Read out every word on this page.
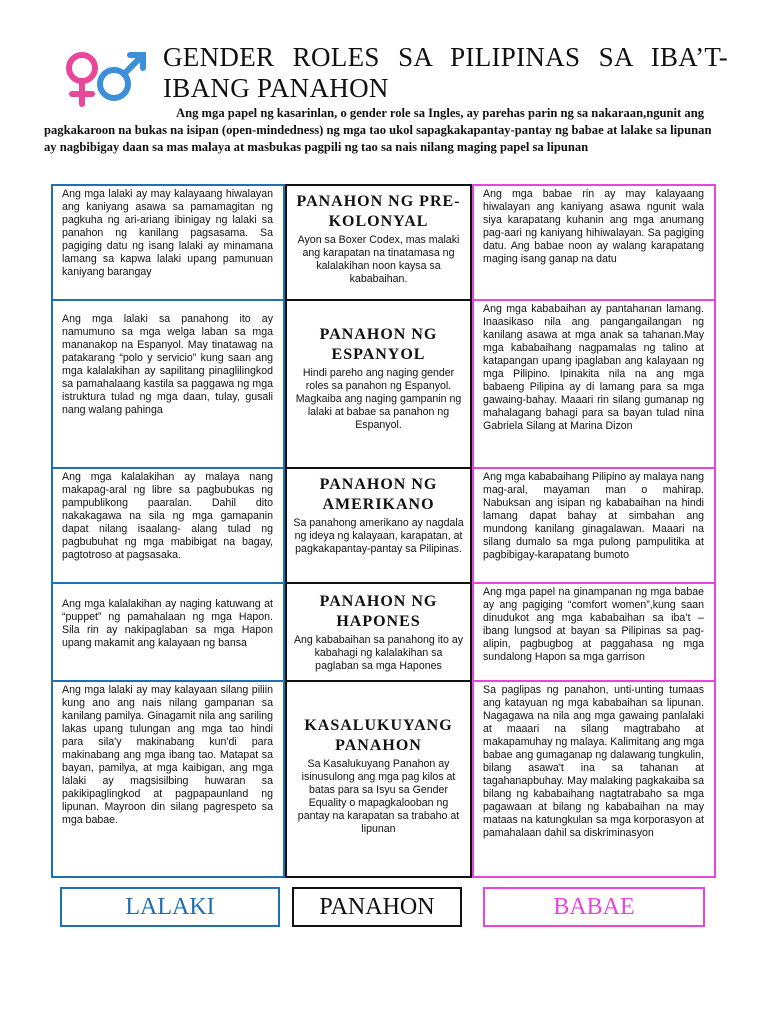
GENDER ROLES SA PILIPINAS SA IBA’T-IBANG PANAHON
Ang mga papel ng kasarinlan, o gender role sa Ingles, ay parehas parin ng sa nakaraan,ngunit ang pagkakaroon na bukas na isipan (open-mindedness) ng mga tao ukol sapagkakapantay-pantay ng babae at lalake sa lipunan ay nagbibigay daan sa mas malaya at masbukas pagpili ng tao sa nais nilang maging papel sa lipunan
Ang mga lalaki ay may kalayaang hiwalayan ang kaniyang asawa sa pamamagitan ng pagkuha ng ari-ariang ibinigay ng lalaki sa panahon ng kanilang pagsasama. Sa pagiging datu ng isang lalaki ay minamana lamang sa kapwa lalaki upang pamunuan kaniyang barangay
PANAHON NG PRE-KOLONYAL
Ayon sa Boxer Codex, mas malaki ang karapatan na tinatamasa ng kalalakihan noon kaysa sa kababaihan.
Ang mga babae rin ay may kalayaang hiwalayan ang kaniyang asawa ngunit wala siya karapatang kuhanin ang mga anumang pag-aari ng kaniyang hihiwalayan. Sa pagiging datu. Ang babae noon ay walang karapatang maging isang ganap na datu
Ang mga lalaki sa panahong ito ay namumuno sa mga welga laban sa mga mananakop na Espanyol. May tinatawag na patakarang “polo y servicio” kung saan ang mga kalalakihan ay sapilitang pinaglilingkod sa pamahalaang kastila sa paggawa ng mga istruktura tulad ng mga daan, tulay, gusali nang walang pahinga
PANAHON NG ESPANYOL
Hindi pareho ang naging gender roles sa panahon ng Espanyol. Magkaiba ang naging gampanin ng lalaki at babae sa panahon ng Espanyol.
Ang mga kababaihan ay pantahanan lamang. Inaasikaso nila ang pangangailangan ng kanilang asawa at mga anak sa tahanan.May mga kababaihang nagpamalas ng talino at katapangan upang ipaglaban ang kalayaan ng mga Pilipino. Ipinakita nila na ang mga babaeng Pilipina ay di lamang para sa mga gawaing-bahay. Maaari rin silang gumanap ng mahalagang bahagi para sa bayan tulad nina Gabriela Silang at Marina Dizon
Ang mga kalalakihan ay malaya nang makapag-aral ng libre sa pagbubukas ng pampublikong paaralan. Dahil dito nakakagawa na sila ng mga gamapanin dapat nilang isaalang- alang tulad ng pagbubuhat ng mga mabibigat na bagay, pagtotroso at pagsasaka.
PANAHON NG AMERIKANO
Sa panahong amerikano ay nagdala ng ideya ng kalayaan, karapatan, at pagkakapantay-pantay sa Pilipinas.
Ang mga kababaihang Pilipino ay malaya nang mag-aral, mayaman man o mahirap. Nabuksan ang isipan ng kababaihan na hindi lamang dapat bahay at simbahan ang mundong kanilang ginagalawan. Maaari na silang dumalo sa mga pulong pampulitika at pagbibigay-karapatang bumoto
Ang mga kalalakihan ay naging katuwang at “puppet” ng pamahalaan ng mga Hapon. Sila rin ay nakipaglaban sa mga Hapon upang makamit ang kalayaan ng bansa
PANAHON NG HAPONES
Ang kababaihan sa panahong ito ay kabahagi ng kalalakihan sa paglaban sa mga Hapones
Ang mga papel na ginampanan ng mga babae ay ang pagiging “comfort women”,kung saan dinudukot ang mga kababaihan sa iba’t – ibang lungsod at bayan sa Pilipinas sa pag-alipin, pagbugbog at paggahasa ng mga sundalong Hapon sa mga garrison
Ang mga lalaki ay may kalayaan silang piliin kung ano ang nais nilang gampanan sa kanilang pamilya. Ginagamit nila ang sariling lakas upang tulungan ang mga tao hindi para sila'y makinabang kun'di para makinabang ang mga ibang tao. Matapat sa bayan, pamilya, at mga kaibigan, ang mga lalaki ay magsisilbing huwaran sa pakikipaglingkod at pagpapaunland ng lipunan. Mayroon din silang pagrespeto sa mga babae.
KASALUKUYANG PANAHON
Sa Kasalukuyang Panahon ay isinusulong ang mga pag kilos at batas para sa Isyu sa Gender Equality o mapagkalooban ng pantay na karapatan sa trabaho at lipunan
Sa paglipas ng panahon, unti-unting tumaas ang katayuan ng mga kababaihan sa lipunan. Nagagawa na nila ang mga gawaing panlalaki at maaari na silang magtrabaho at makapamuhay ng malaya. Kalimitang ang mga babae ang gumaganap ng dalawang tungkulin, bilang asawa't ina sa tahanan at tagahanapbuhay. May malaking pagkakaiba sa bilang ng kababaihang nagtatrabaho sa mga pagawaan at bilang ng kababaihan na may mataas na katungkulan sa mga korporasyon at pamahalaan dahil sa diskriminasyon
LALAKI	PANAHON	BABAE
